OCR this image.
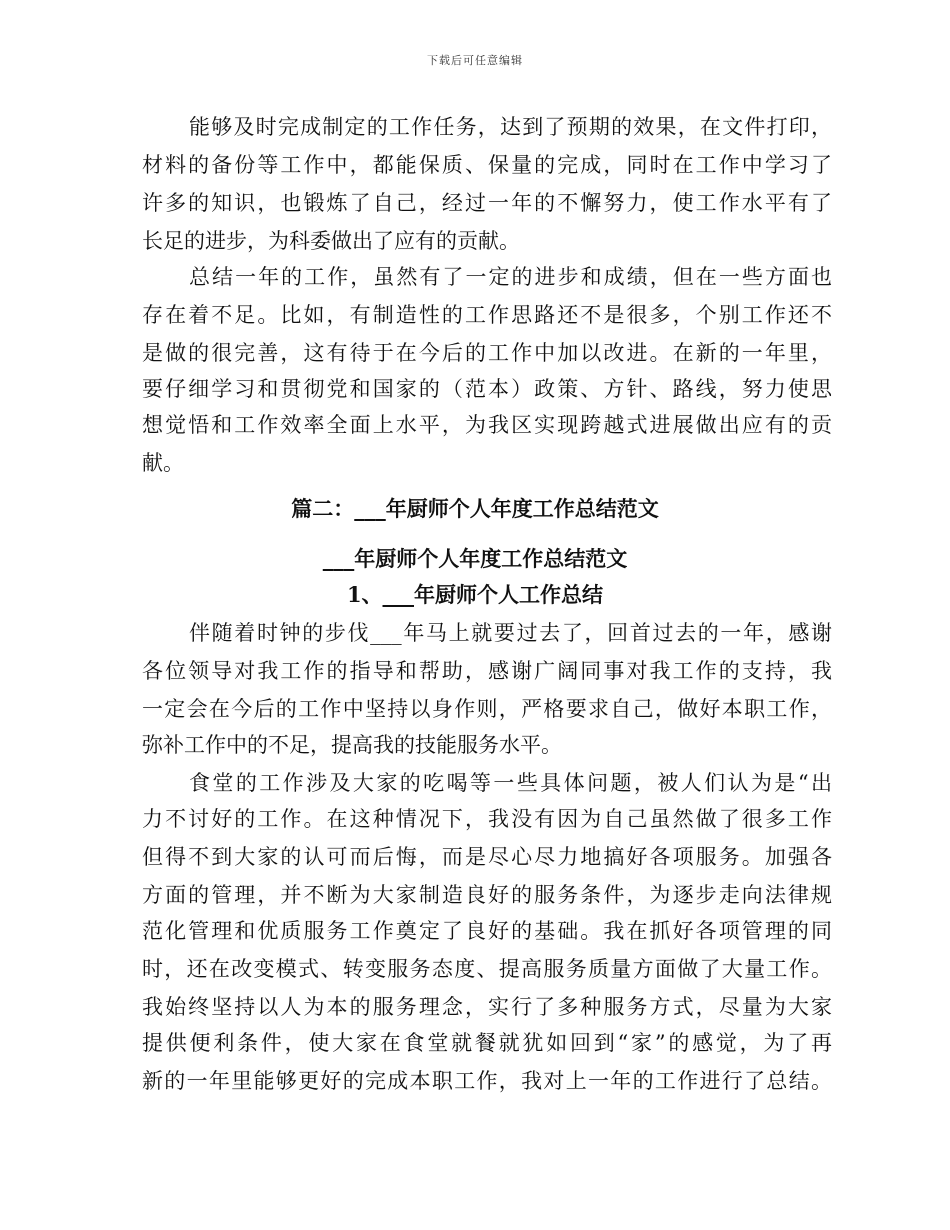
下载后可任意编辑
能够及时完成制定的工作任务，达到了预期的效果，在文件打印，
材料的备份等工作中，都能保质、保量的完成，同时在工作中学习了
许多的知识，也锻炼了自己，经过一年的不懈努力，使工作水平有了
长足的进步，为科委做出了应有的贡献。
总结一年的工作，虽然有了一定的进步和成绩，但在一些方面也
存在着不足。比如，有制造性的工作思路还不是很多，个别工作还不
是做的很完善，这有待于在今后的工作中加以改进。在新的一年里，
要仔细学习和贯彻党和国家的（范本）政策、方针、路线，努力使思
想觉悟和工作效率全面上水平，为我区实现跨越式进展做出应有的贡
献。
篇二：___年厨师个人年度工作总结范文
___年厨师个人年度工作总结范文
1、___年厨师个人工作总结
伴随着时钟的步伐___年马上就要过去了，回首过去的一年，感谢
各位领导对我工作的指导和帮助，感谢广阔同事对我工作的支持，我
一定会在今后的工作中坚持以身作则，严格要求自己，做好本职工作，
弥补工作中的不足，提高我的技能服务水平。
食堂的工作涉及大家的吃喝等一些具体问题，被人们认为是“出
力不讨好的工作。在这种情况下，我没有因为自己虽然做了很多工作
但得不到大家的认可而后悔，而是尽心尽力地搞好各项服务。加强各
方面的管理，并不断为大家制造良好的服务条件，为逐步走向法律规
范化管理和优质服务工作奠定了良好的基础。我在抓好各项管理的同
时，还在改变模式、转变服务态度、提高服务质量方面做了大量工作。
我始终坚持以人为本的服务理念，实行了多种服务方式，尽量为大家
提供便利条件，使大家在食堂就餐就犹如回到“家”的感觉，为了再
新的一年里能够更好的完成本职工作，我对上一年的工作进行了总结。
